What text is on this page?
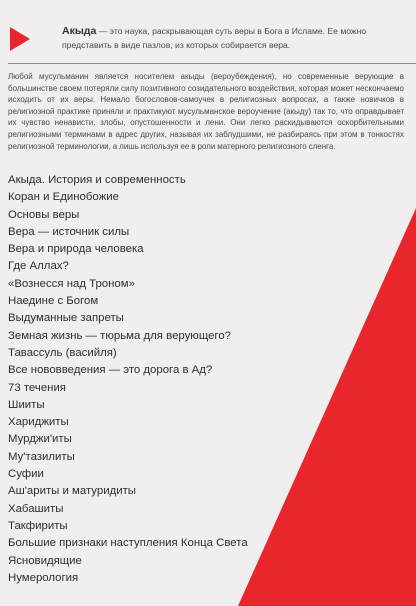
Акыда — это наука, раскрывающая суть веры в Бога в Исламе. Ее можно представить в виде пазлов, из которых собирается вера.

Любой мусульманин является носителем акыды (вероубеждения), но современные верующие в большинстве своем потеряли силу позитивного созидательного воздействия, которая может нескончаемо исходить от их веры. Немало богословов-самоучек в религиозных вопросах, а также новичков в религиозной практике приняли и практикуют мусульманское вероучение (акыду) так то, что оправдывает их чувство ненависти, злобы, опустошенности и лени. Они легко раскидываются оскорбительными религиозными терминами в адрес других, называя их заблудшими, не разбираясь при этом в тонкостях религиозной терминологии, а лишь используя ее в роли матерного религиозного сленга.

Акыда. История и современность
Коран и Единобожие
Основы веры
Вера — источник силы
Вера и природа человека
Где Аллах?
«Вознесся над Троном»
Наедине с Богом
Выдуманные запреты
Земная жизнь — тюрьма для верующего?
Тавассуль (васийля)
Все нововведения — это дорога в Ад?
73 течения
Шииты
Хариджиты
Мурджи'иты
Му'тазилиты
Суфии
Аш'ариты и матуридиты
Хабашиты
Такфириты
Большие признаки наступления Конца Света
Ясновидящие
Нумерология
